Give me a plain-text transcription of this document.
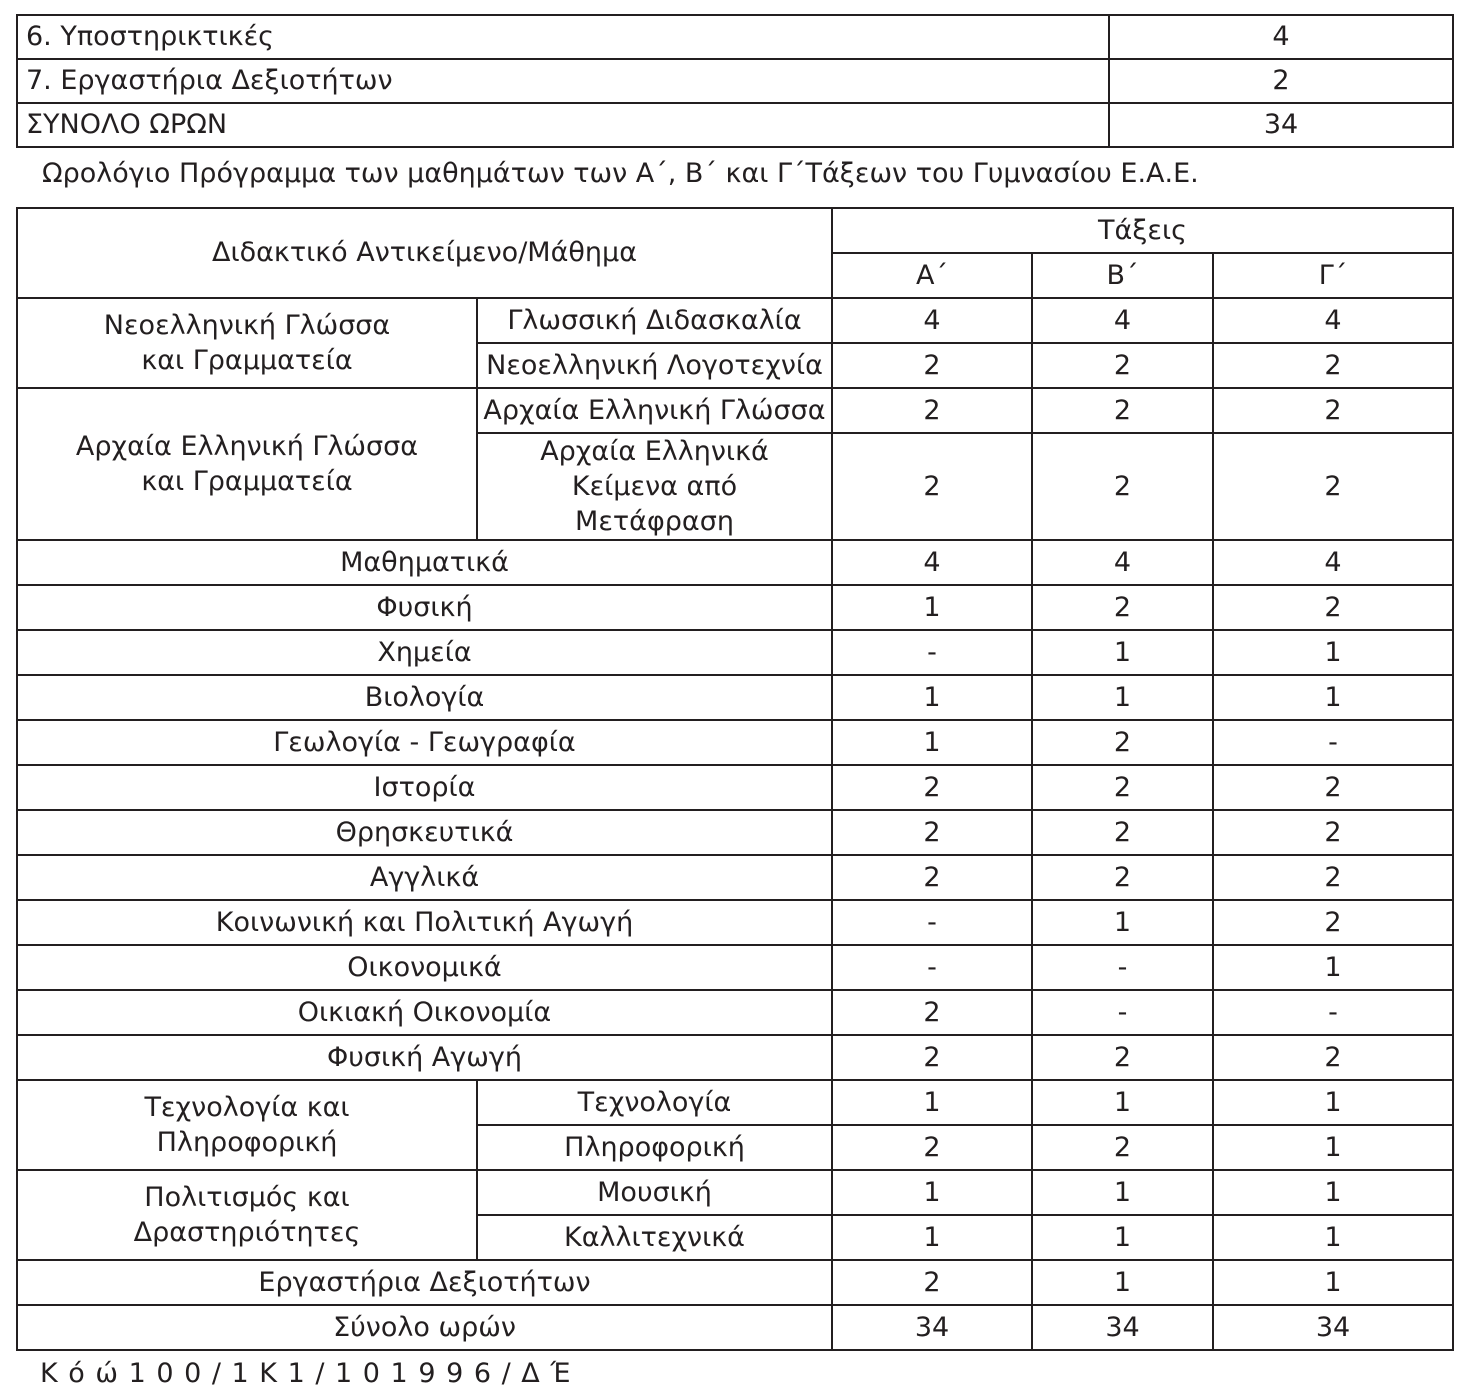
6. Υποστηρικτικές	4
7. Εργαστήρια Δεξιοτήτων	2
ΣΥΝΟΛΟ ΩΡΩΝ	34

Ωρολόγιο Πρόγραμμα των μαθημάτων των Α΄, Β΄ και Γ΄Τάξεων του Γυμνασίου Ε.Α.Ε.

Διδακτικό Αντικείμενο/Μάθημα		Τάξεις		
		Α΄	Β΄	Γ΄
Νεοελληνική Γλώσσα και Γραμματεία	Γλωσσική Διδασκαλία	4	4	4
	Νεοελληνική Λογοτεχνία	2	2	2
Αρχαία Ελληνική Γλώσσα και Γραμματεία	Αρχαία Ελληνική Γλώσσα	2	2	2
	Αρχαία Ελληνικά Κείμενα από Μετάφραση	2	2	2
Μαθηματικά		4	4	4
Φυσική		1	2	2
Χημεία		-	1	1
Βιολογία		1	1	1
Γεωλογία - Γεωγραφία		1	2	-
Ιστορία		2	2	2
Θρησκευτικά		2	2	2
Αγγλικά		2	2	2
Κοινωνική και Πολιτική Αγωγή		-	1	2
Οικονομικά		-	-	1
Οικιακή Οικονομία		2	-	-
Φυσική Αγωγή		2	2	2
Τεχνολογία και Πληροφορική	Τεχνολογία	1	1	1
	Πληροφορική	2	2	1
Πολιτισμός και Δραστηριότητες	Μουσική	1	1	1
	Καλλιτεχνικά	1	1	1
Εργαστήρια Δεξιοτήτων		2	1	1
Σύνολο ωρών		34	34	34

Κ ό ώ 1 0 0 / 1 Κ 1 / 1 0 1 9 9 6 / Δ Έ
